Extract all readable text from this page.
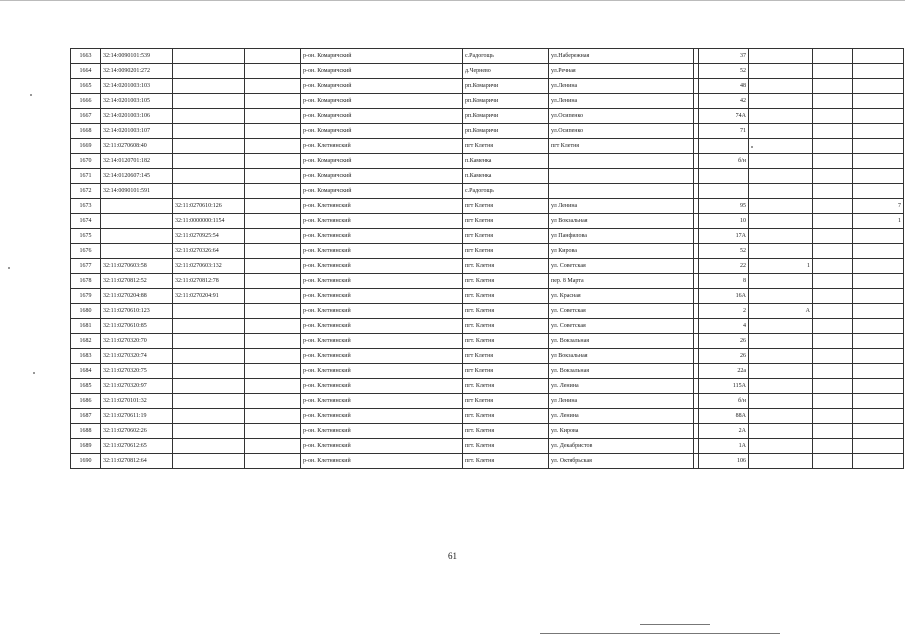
1663	32:14:0090101:539			р-он. Комаричский	с.Радогощь	ул.Набережная		37			
1664	32:14:0090201:272			р-он. Комаричский	д.Чернево	ул.Речная		52			
1665	32:14:0201003:103			р-он. Комаричский	рп.Комаричи	ул.Ленина		48			
1666	32:14:0201003:105			р-он. Комаричский	рп.Комаричи	ул.Ленина		42			
1667	32:14:0201003:106			р-он. Комаричский	рп.Комаричи	ул.Осипенко		74А			
1668	32:14:0201003:107			р-он. Комаричский	рп.Комаричи	ул.Осипенко		71			
1669	32:11:0270608:40			р-он. Клетнянский	пгт Клетня	пгт Клетня					
1670	32:14:0120701:182			р-он. Комаричский	п.Каменка			б/н			
1671	32:14:0120607:145			р-он. Комаричский	п.Каменка						
1672	32:14:0090101:591			р-он. Комаричский	с.Радогощь						
1673		32:11:0270610:126		р-он. Клетнянский	пгт Клетня	ул Ленина		95			7
1674		32:11:0000000:1154		р-он. Клетнянский	пгт Клетня	ул Вокзальная		10			1
1675		32:11:0270925:54		р-он. Клетнянский	пгт Клетня	ул Панфилова		17А			
1676		32:11:0270326:64		р-он. Клетнянский	пгт Клетня	ул Кирова		52			
1677	32:11:0270603:58	32:11:0270603:132		р-он. Клетнянский	пгт. Клетня	ул. Советская		22	1		
1678	32:11:0270812:52	32:11:0270812:78		р-он. Клетнянский	пгт. Клетня	пер. 8 Марта		8			
1679	32:11:0270204:88	32:11:0270204:91		р-он. Клетнянский	пгт. Клетня	ул. Красная		16А			
1680	32:11:0270610:123			р-он. Клетнянский	пгт. Клетня	ул. Советская		2	А		
1681	32:11:0270610:85			р-он. Клетнянский	пгт. Клетня	ул. Советская		4			
1682	32:11:0270320:70			р-он. Клетнянский	пгт. Клетня	ул. Вокзальная		26			
1683	32:11:0270320:74			р-он. Клетнянский	пгт Клетня	ул Вокзальная		26			
1684	32:11:0270320:75			р-он. Клетнянский	пгт Клетня	ул. Вокзальная		22а			
1685	32:11:0270320:97			р-он. Клетнянский	пгт. Клетня	ул. Ленина		115А			
1686	32:11:0270101:32			р-он. Клетнянский	пгт Клетня	ул Ленина		б/н			
1687	32:11:0270611:19			р-он. Клетнянский	пгт. Клетня	ул. Ленина		88А			
1688	32:11:0270602:26			р-он. Клетнянский	пгт. Клетня	ул. Кирова		2А			
1689	32:11:0270612:65			р-он. Клетнянский	пгт. Клетня	ул. Декабристов		1А			
1690	32:11:0270812:64			р-он. Клетнянский	пгт. Клетня	ул. Октябрьская		106			
61
